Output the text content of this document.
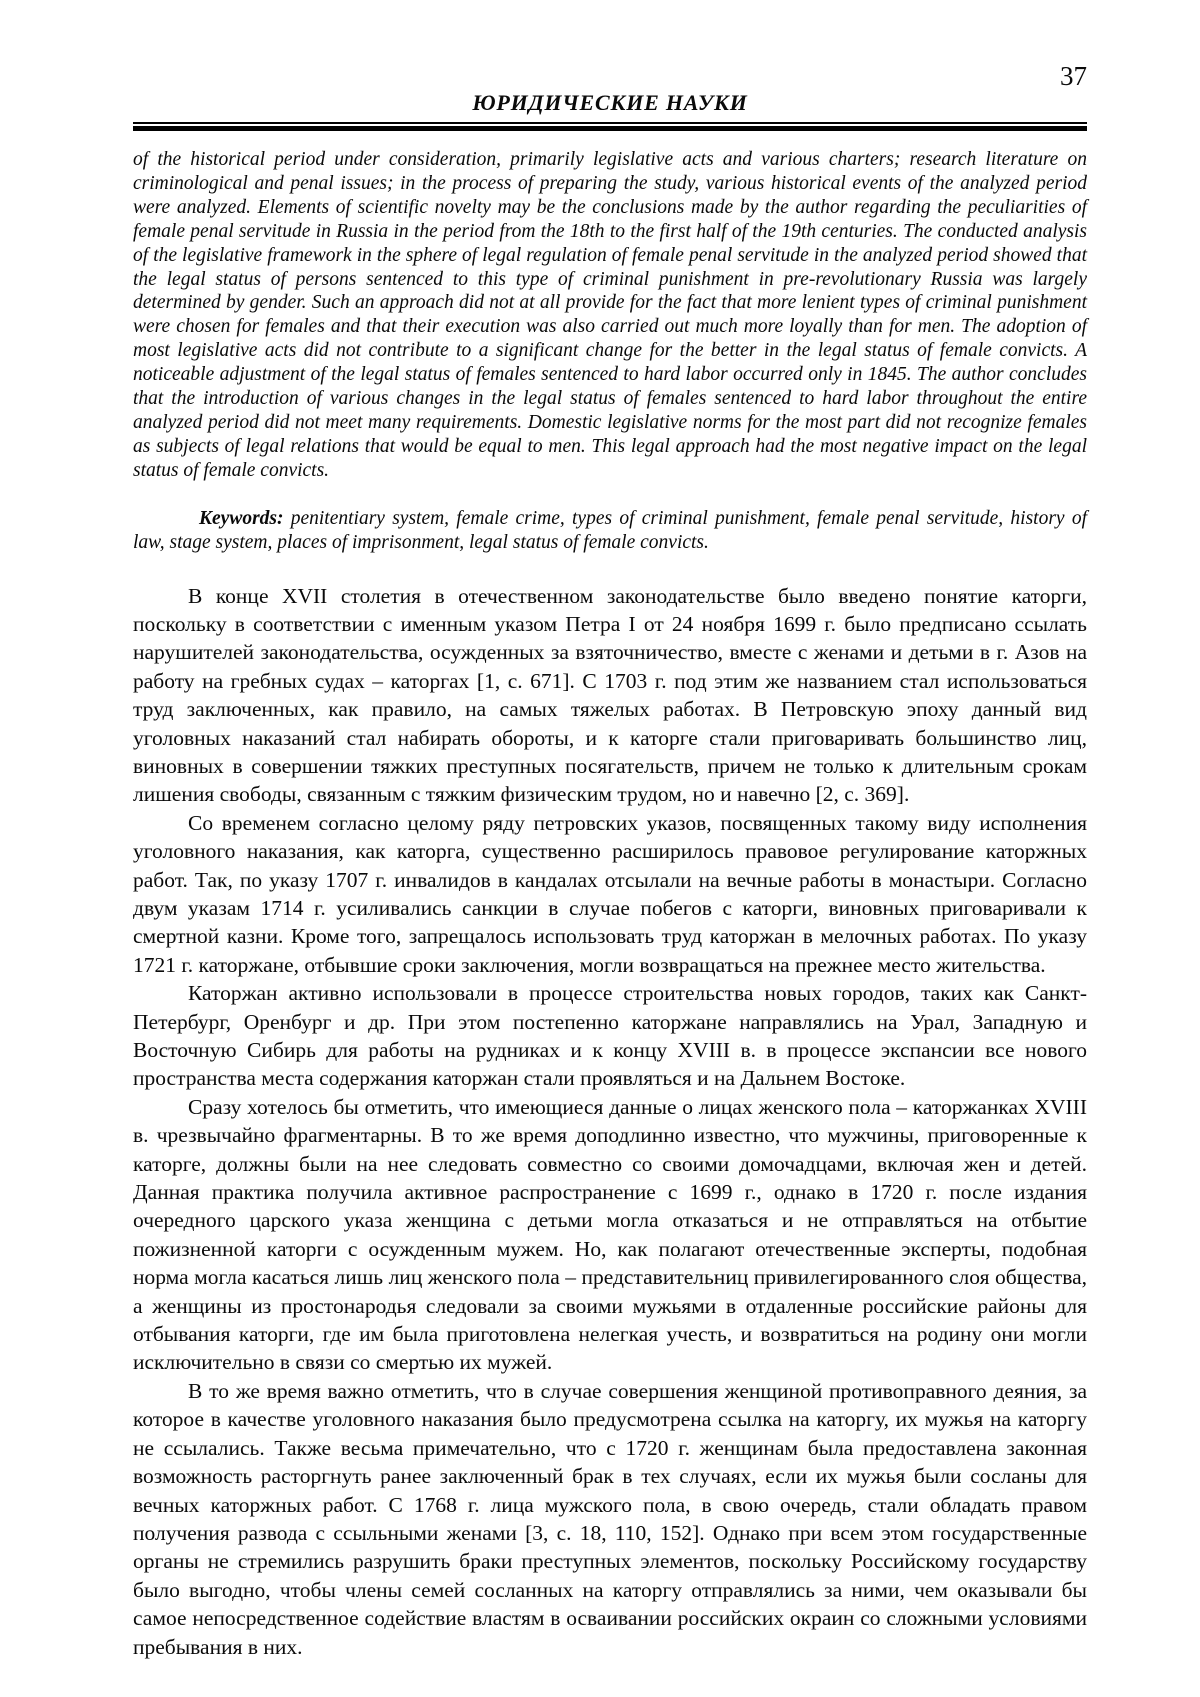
37
ЮРИДИЧЕСКИЕ НАУКИ

of the historical period under consideration, primarily legislative acts and various charters; research literature on criminological and penal issues; in the process of preparing the study, various historical events of the analyzed period were analyzed. Elements of scientific novelty may be the conclusions made by the author regarding the peculiarities of female penal servitude in Russia in the period from the 18th to the first half of the 19th centuries. The conducted analysis of the legislative framework in the sphere of legal regulation of female penal servitude in the analyzed period showed that the legal status of persons sentenced to this type of criminal punishment in pre-revolutionary Russia was largely determined by gender. Such an approach did not at all provide for the fact that more lenient types of criminal punishment were chosen for females and that their execution was also carried out much more loyally than for men. The adoption of most legislative acts did not contribute to a significant change for the better in the legal status of female convicts. A noticeable adjustment of the legal status of females sentenced to hard labor occurred only in 1845. The author concludes that the introduction of various changes in the legal status of females sentenced to hard labor throughout the entire analyzed period did not meet many requirements. Domestic legislative norms for the most part did not recognize females as subjects of legal relations that would be equal to men. This legal approach had the most negative impact on the legal status of female convicts.

Keywords: penitentiary system, female crime, types of criminal punishment, female penal servitude, history of law, stage system, places of imprisonment, legal status of female convicts.

В конце XVII столетия в отечественном законодательстве было введено понятие каторги, поскольку в соответствии с именным указом Петра I от 24 ноября 1699 г. было предписано ссылать нарушителей законодательства, осужденных за взяточничество, вместе с женами и детьми в г. Азов на работу на гребных судах – каторгах [1, с. 671]. С 1703 г. под этим же названием стал использоваться труд заключенных, как правило, на самых тяжелых работах. В Петровскую эпоху данный вид уголовных наказаний стал набирать обороты, и к каторге стали приговаривать большинство лиц, виновных в совершении тяжких преступных посягательств, причем не только к длительным срокам лишения свободы, связанным с тяжким физическим трудом, но и навечно [2, с. 369].

Со временем согласно целому ряду петровских указов, посвященных такому виду исполнения уголовного наказания, как каторга, существенно расширилось правовое регулирование каторжных работ. Так, по указу 1707 г. инвалидов в кандалах отсылали на вечные работы в монастыри. Согласно двум указам 1714 г. усиливались санкции в случае побегов с каторги, виновных приговаривали к смертной казни. Кроме того, запрещалось использовать труд каторжан в мелочных работах. По указу 1721 г. каторжане, отбывшие сроки заключения, могли возвращаться на прежнее место жительства.

Каторжан активно использовали в процессе строительства новых городов, таких как Санкт-Петербург, Оренбург и др. При этом постепенно каторжане направлялись на Урал, Западную и Восточную Сибирь для работы на рудниках и к концу XVIII в. в процессе экспансии все нового пространства места содержания каторжан стали проявляться и на Дальнем Востоке.

Сразу хотелось бы отметить, что имеющиеся данные о лицах женского пола – каторжанках XVIII в. чрезвычайно фрагментарны. В то же время доподлинно известно, что мужчины, приговоренные к каторге, должны были на нее следовать совместно со своими домочадцами, включая жен и детей. Данная практика получила активное распространение с 1699 г., однако в 1720 г. после издания очередного царского указа женщина с детьми могла отказаться и не отправляться на отбытие пожизненной каторги с осужденным мужем. Но, как полагают отечественные эксперты, подобная норма могла касаться лишь лиц женского пола – представительниц привилегированного слоя общества, а женщины из простонародья следовали за своими мужьями в отдаленные российские районы для отбывания каторги, где им была приготовлена нелегкая учесть, и возвратиться на родину они могли исключительно в связи со смертью их мужей.

В то же время важно отметить, что в случае совершения женщиной противоправного деяния, за которое в качестве уголовного наказания было предусмотрена ссылка на каторгу, их мужья на каторгу не ссылались. Также весьма примечательно, что с 1720 г. женщинам была предоставлена законная возможность расторгнуть ранее заключенный брак в тех случаях, если их мужья были сосланы для вечных каторжных работ. С 1768 г. лица мужского пола, в свою очередь, стали обладать правом получения развода с ссыльными женами [3, с. 18, 110, 152]. Однако при всем этом государственные органы не стремились разрушить браки преступных элементов, поскольку Российскому государству было выгодно, чтобы члены семей сосланных на каторгу отправлялись за ними, чем оказывали бы самое непосредственное содействие властям в осваивании российских окраин со сложными условиями пребывания в них.
